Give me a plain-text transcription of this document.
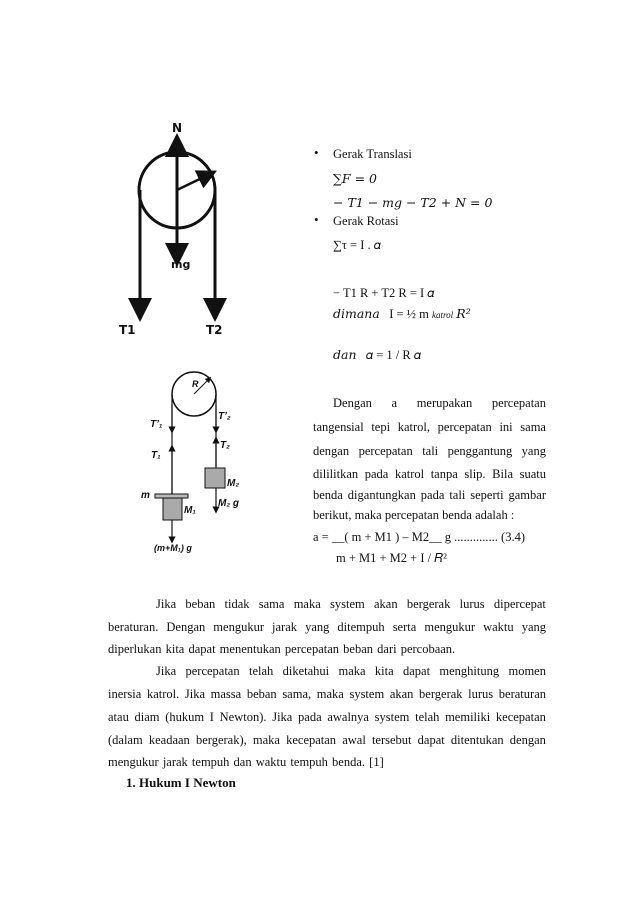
N
mg
T1	T2
R
T’₁
T’₂
T₂
T₁
M₂
m
M₂ g
M₁
(m+M₁) g
• Gerak Translasi
∑𝐹 = 0
− 𝑇1 − 𝑚𝑔 − 𝑇2 + 𝑁 = 0
• Gerak Rotasi
∑τ = I . 𝛼
− T1 R + T2 R = I 𝛼
𝑑𝑖𝑚𝑎𝑛𝑎 I = ½ m katrol 𝑅²
𝑑𝑎𝑛 𝛼 = 1 / R 𝛼
Dengan a merupakan percepatan
tangensial tepi katrol, percepatan ini sama
dengan percepatan tali penggantung yang
dililitkan pada katrol tanpa slip. Bila suatu
benda digantungkan pada tali seperti gambar
berikut, maka percepatan benda adalah :
a = __( m + M1 ) – M2__ g .............. (3.4)
m + M1 + M2 + I / 𝑅²
Jika beban tidak sama maka system akan bergerak lurus dipercepat
beraturan. Dengan mengukur jarak yang ditempuh serta mengukur waktu yang
diperlukan kita dapat menentukan percepatan beban dari percobaan.
Jika percepatan telah diketahui maka kita dapat menghitung momen
inersia katrol. Jika massa beban sama, maka system akan bergerak lurus beraturan
atau diam (hukum I Newton). Jika pada awalnya system telah memiliki kecepatan
(dalam keadaan bergerak), maka kecepatan awal tersebut dapat ditentukan dengan
mengukur jarak tempuh dan waktu tempuh benda. [1]
1. Hukum I Newton
